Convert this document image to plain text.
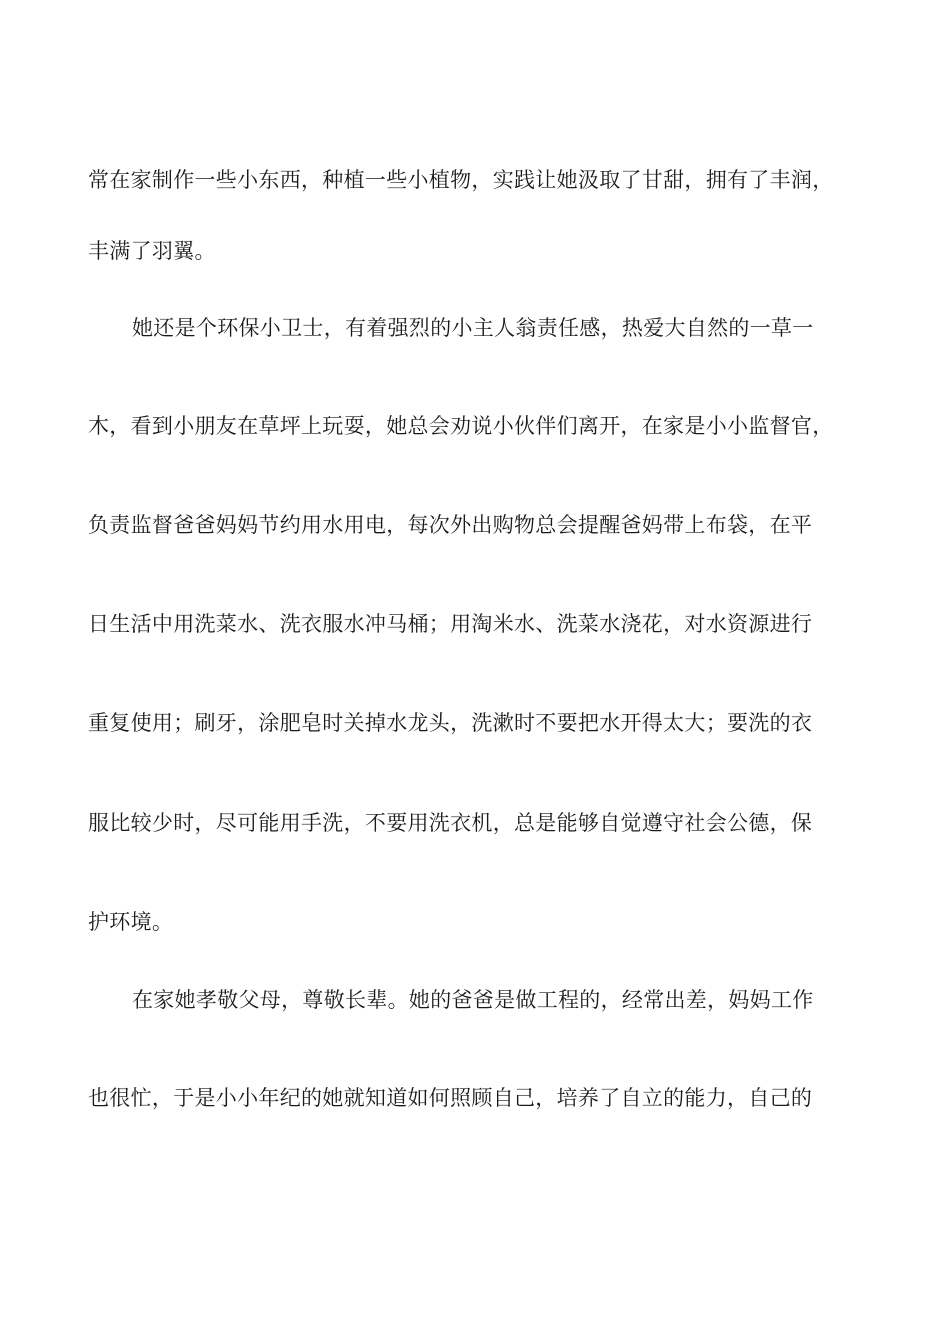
常在家制作一些小东西，种植一些小植物，实践让她汲取了甘甜，拥有了丰润，
丰满了羽翼。
她还是个环保小卫士，有着强烈的小主人翁责任感，热爱大自然的一草一
木，看到小朋友在草坪上玩耍，她总会劝说小伙伴们离开，在家是小小监督官，
负责监督爸爸妈妈节约用水用电，每次外出购物总会提醒爸妈带上布袋，在平
日生活中用洗菜水、洗衣服水冲马桶；用淘米水、洗菜水浇花，对水资源进行
重复使用；刷牙，涂肥皂时关掉水龙头，洗漱时不要把水开得太大；要洗的衣
服比较少时，尽可能用手洗，不要用洗衣机，总是能够自觉遵守社会公德，保
护环境。
在家她孝敬父母，尊敬长辈。她的爸爸是做工程的，经常出差，妈妈工作
也很忙，于是小小年纪的她就知道如何照顾自己，培养了自立的能力，自己的
